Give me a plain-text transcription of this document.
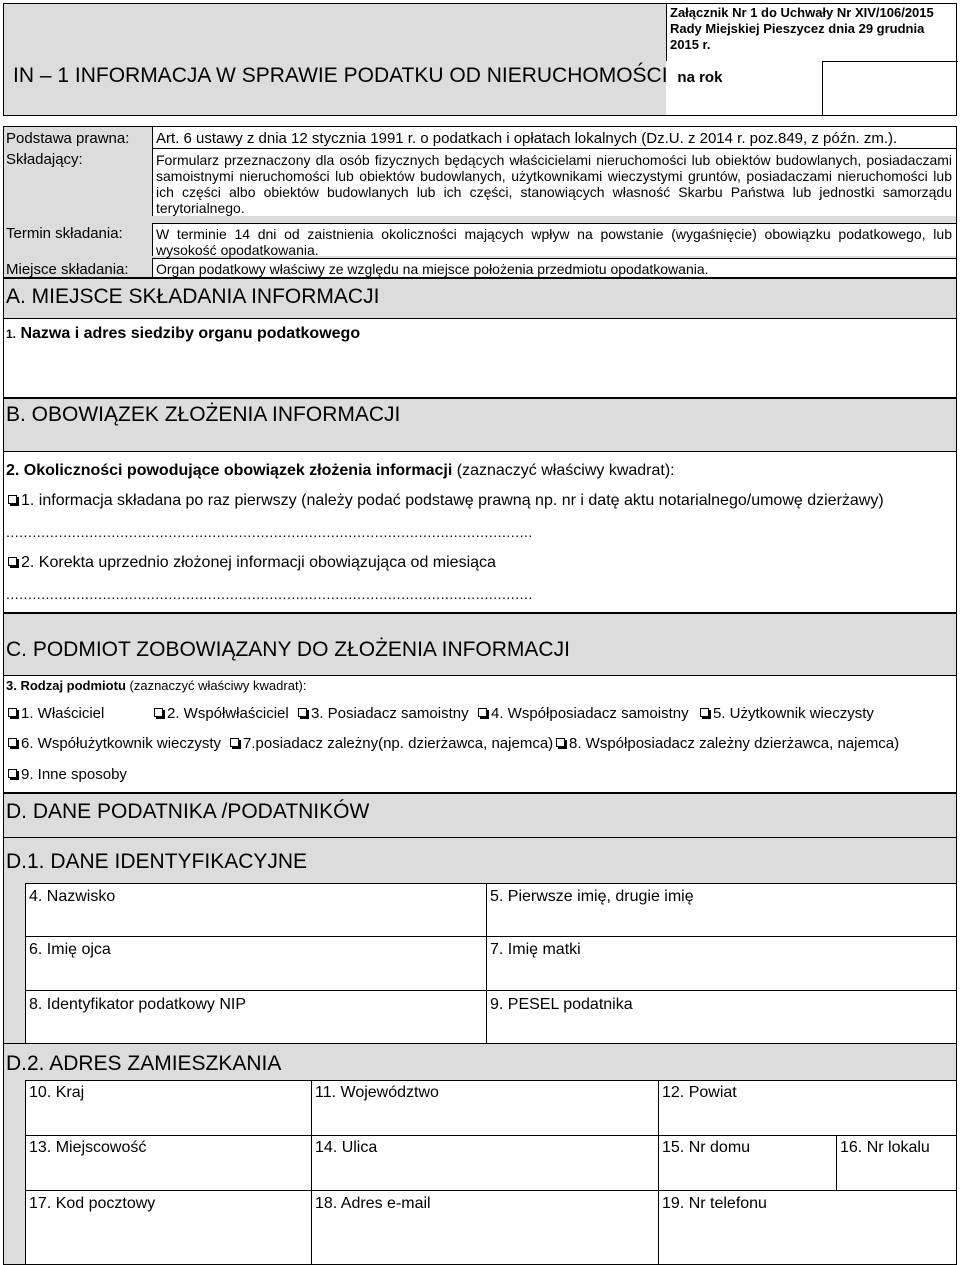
Załącznik Nr 1 do Uchwały Nr XIV/106/2015
Rady Miejskiej Pieszycez dnia 29 grudnia
2015 r.
IN – 1 INFORMACJA W SPRAWIE PODATKU OD NIERUCHOMOŚCI na rok
Podstawa prawna: Art. 6 ustawy z dnia 12 stycznia 1991 r. o podatkach i opłatach lokalnych (Dz.U. z 2014 r. poz.849, z późn. zm.).
Składający:	Formularz przeznaczony dla osób fizycznych będących właścicielami nieruchomości lub obiektów budowlanych, posiadaczami samoistnymi nieruchomości lub obiektów budowlanych, użytkownikami wieczystymi gruntów, posiadaczami nieruchomości lub ich części albo obiektów budowlanych lub ich części, stanowiących własność Skarbu Państwa lub jednostki samorządu terytorialnego.
Termin składania: W terminie 14 dni od zaistnienia okoliczności mających wpływ na powstanie (wygaśnięcie) obowiązku podatkowego, lub wysokość opodatkowania.
Miejsce składania: Organ podatkowy właściwy ze względu na miejsce położenia przedmiotu opodatkowania.
A. MIEJSCE SKŁADANIA INFORMACJI
1. Nazwa i adres siedziby organu podatkowego
B. OBOWIĄZEK ZŁOŻENIA INFORMACJI
2. Okoliczności powodujące obowiązek złożenia informacji (zaznaczyć właściwy kwadrat):
1. informacja składana po raz pierwszy (należy podać podstawę prawną np. nr i datę aktu notarialnego/umowę dzierżawy)
........................................................................................................................
2. Korekta uprzednio złożonej informacji obowiązująca od miesiąca
........................................................................................................................
C. PODMIOT ZOBOWIĄZANY DO ZŁOŻENIA INFORMACJI
3. Rodzaj podmiotu (zaznaczyć właściwy kwadrat):
1. Właściciel	2. Współwłaściciel	3. Posiadacz samoistny	4. Współposiadacz samoistny	5. Użytkownik wieczysty
6. Współużytkownik wieczysty	7.posiadacz zależny(np. dzierżawca, najemca)	8. Współposiadacz zależny dzierżawca, najemca)
9. Inne sposoby
D. DANE PODATNIKA /PODATNIKÓW
D.1. DANE IDENTYFIKACYJNE
4. Nazwisko	5. Pierwsze imię, drugie imię
6. Imię ojca	7. Imię matki
8. Identyfikator podatkowy NIP	9. PESEL podatnika
D.2. ADRES ZAMIESZKANIA
10. Kraj	11. Województwo	12. Powiat
13. Miejscowość	14. Ulica	15. Nr domu	16. Nr lokalu
17. Kod pocztowy	18. Adres e-mail	19. Nr telefonu
